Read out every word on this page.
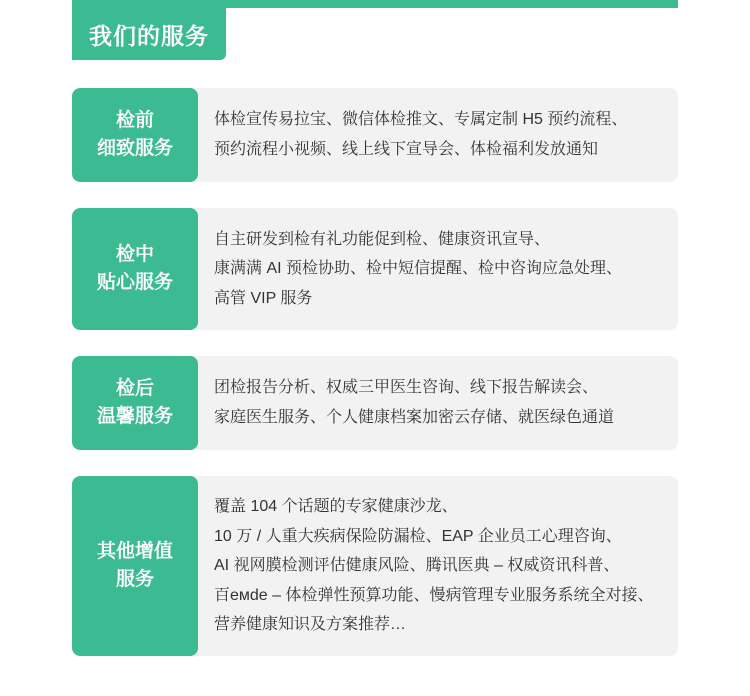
我们的服务
检前
细致服务
体检宣传易拉宝、微信体检推文、专属定制 H5 预约流程、
预约流程小视频、线上线下宣导会、体检福利发放通知
检中
贴心服务
自主研发到检有礼功能促到检、健康资讯宣导、
康满满 AI 预检协助、检中短信提醒、检中咨询应急处理、
高管 VIP 服务
检后
温馨服务
团检报告分析、权威三甲医生咨询、线下报告解读会、
家庭医生服务、个人健康档案加密云存储、就医绿色通道
其他增值
服务
覆盖 104 个话题的专家健康沙龙、
10 万 / 人重大疾病保险防漏检、EAP 企业员工心理咨询、
AI 视网膜检测评估健康风险、腾讯医典 – 权威资讯科普、
百емdе – 体检弹性预算功能、慢病管理专业服务系统全对接、
营养健康知识及方案推荐…
